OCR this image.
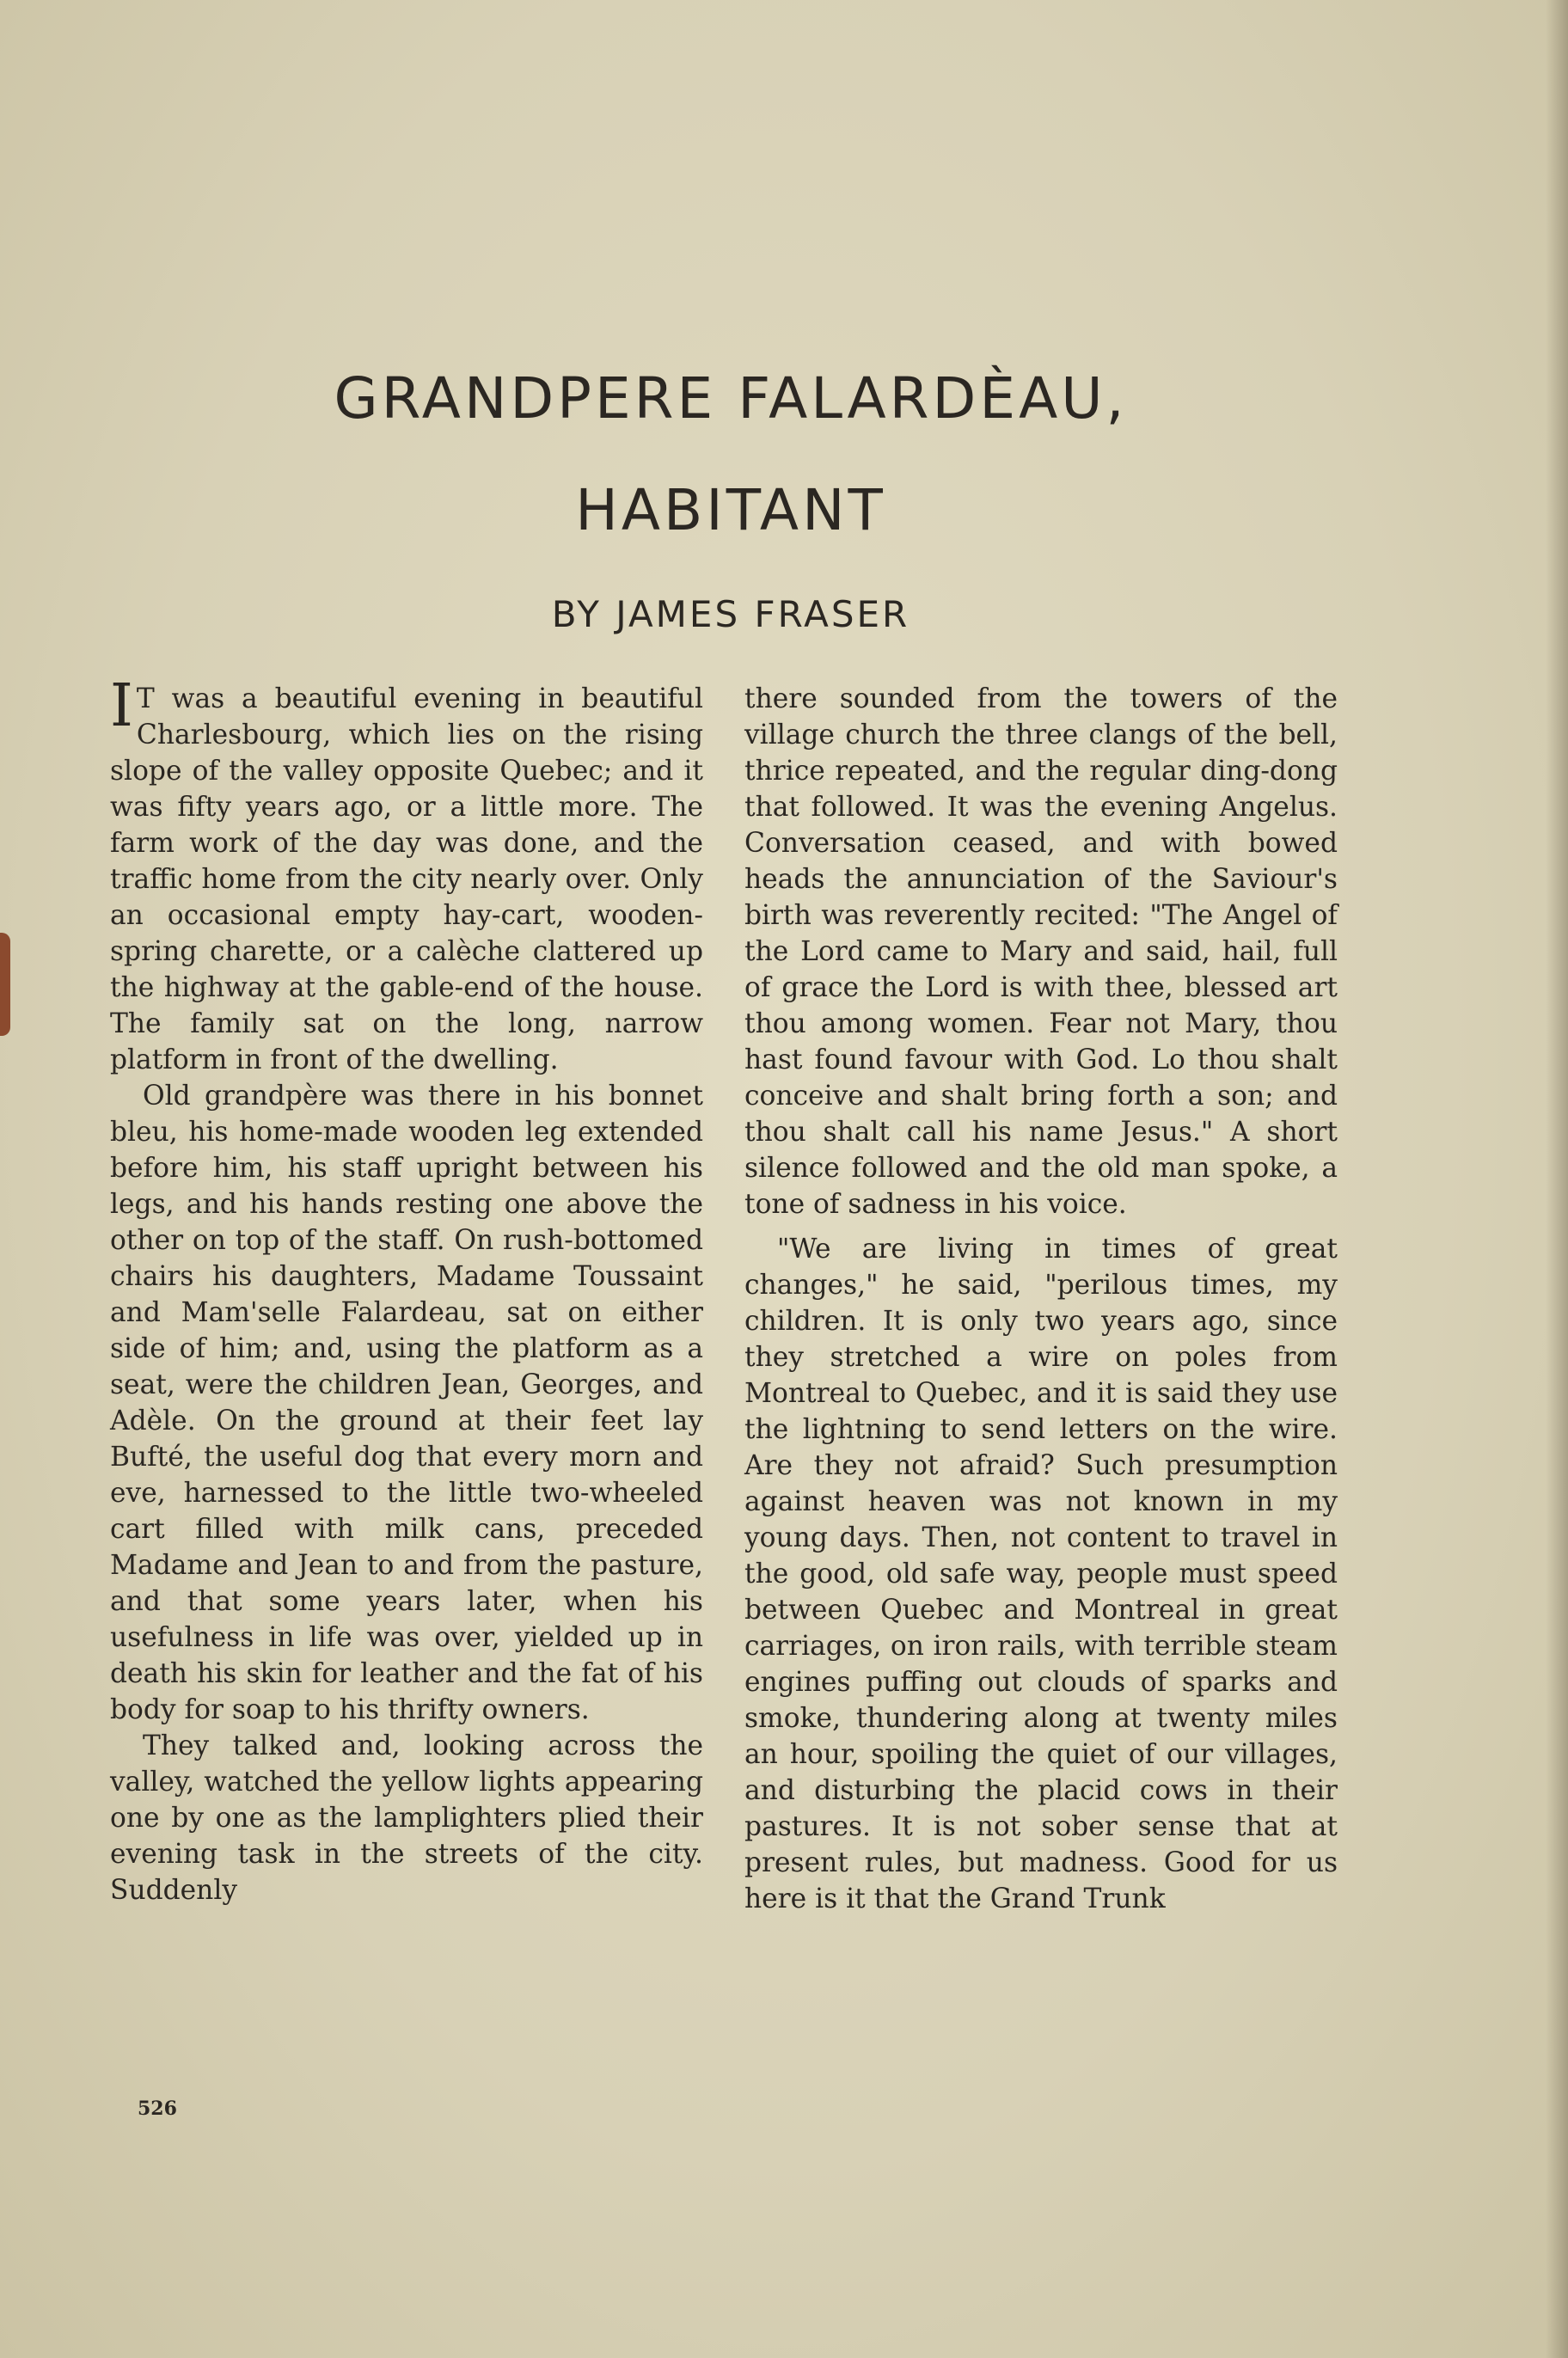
GRANDPERE FALARDÈAU,
HABITANT
BY JAMES FRASER

I T was a beautiful evening in beautiful Charlesbourg, which lies on the rising slope of the valley opposite Quebec; and it was fifty years ago, or a little more. The farm work of the day was done, and the traffic home from the city nearly over. Only an occasional empty hay-cart, wooden-spring charette, or a calèche clattered up the highway at the gable-end of the house. The family sat on the long, narrow platform in front of the dwelling.

Old grandpère was there in his bonnet bleu, his home-made wooden leg extended before him, his staff upright between his legs, and his hands resting one above the other on top of the staff. On rush-bottomed chairs his daughters, Madame Toussaint and Mam'selle Falardeau, sat on either side of him; and, using the platform as a seat, were the children Jean, Georges, and Adèle. On the ground at their feet lay Bufté, the useful dog that every morn and eve, harnessed to the little two-wheeled cart filled with milk cans, preceded Madame and Jean to and from the pasture, and that some years later, when his usefulness in life was over, yielded up in death his skin for leather and the fat of his body for soap to his thrifty owners.

They talked and, looking across the valley, watched the yellow lights appearing one by one as the lamplighters plied their evening task in the streets of the city. Suddenly

there sounded from the towers of the village church the three clangs of the bell, thrice repeated, and the regular ding-dong that followed. It was the evening Angelus. Conversation ceased, and with bowed heads the annunciation of the Saviour's birth was reverently recited: "The Angel of the Lord came to Mary and said, hail, full of grace the Lord is with thee, blessed art thou among women. Fear not Mary, thou hast found favour with God. Lo thou shalt conceive and shalt bring forth a son; and thou shalt call his name Jesus." A short silence followed and the old man spoke, a tone of sadness in his voice.

"We are living in times of great changes," he said, "perilous times, my children. It is only two years ago, since they stretched a wire on poles from Montreal to Quebec, and it is said they use the lightning to send letters on the wire. Are they not afraid? Such presumption against heaven was not known in my young days. Then, not content to travel in the good, old safe way, people must speed between Quebec and Montreal in great carriages, on iron rails, with terrible steam engines puffing out clouds of sparks and smoke, thundering along at twenty miles an hour, spoiling the quiet of our villages, and disturbing the placid cows in their pastures. It is not sober sense that at present rules, but madness. Good for us here is it that the Grand Trunk

526
